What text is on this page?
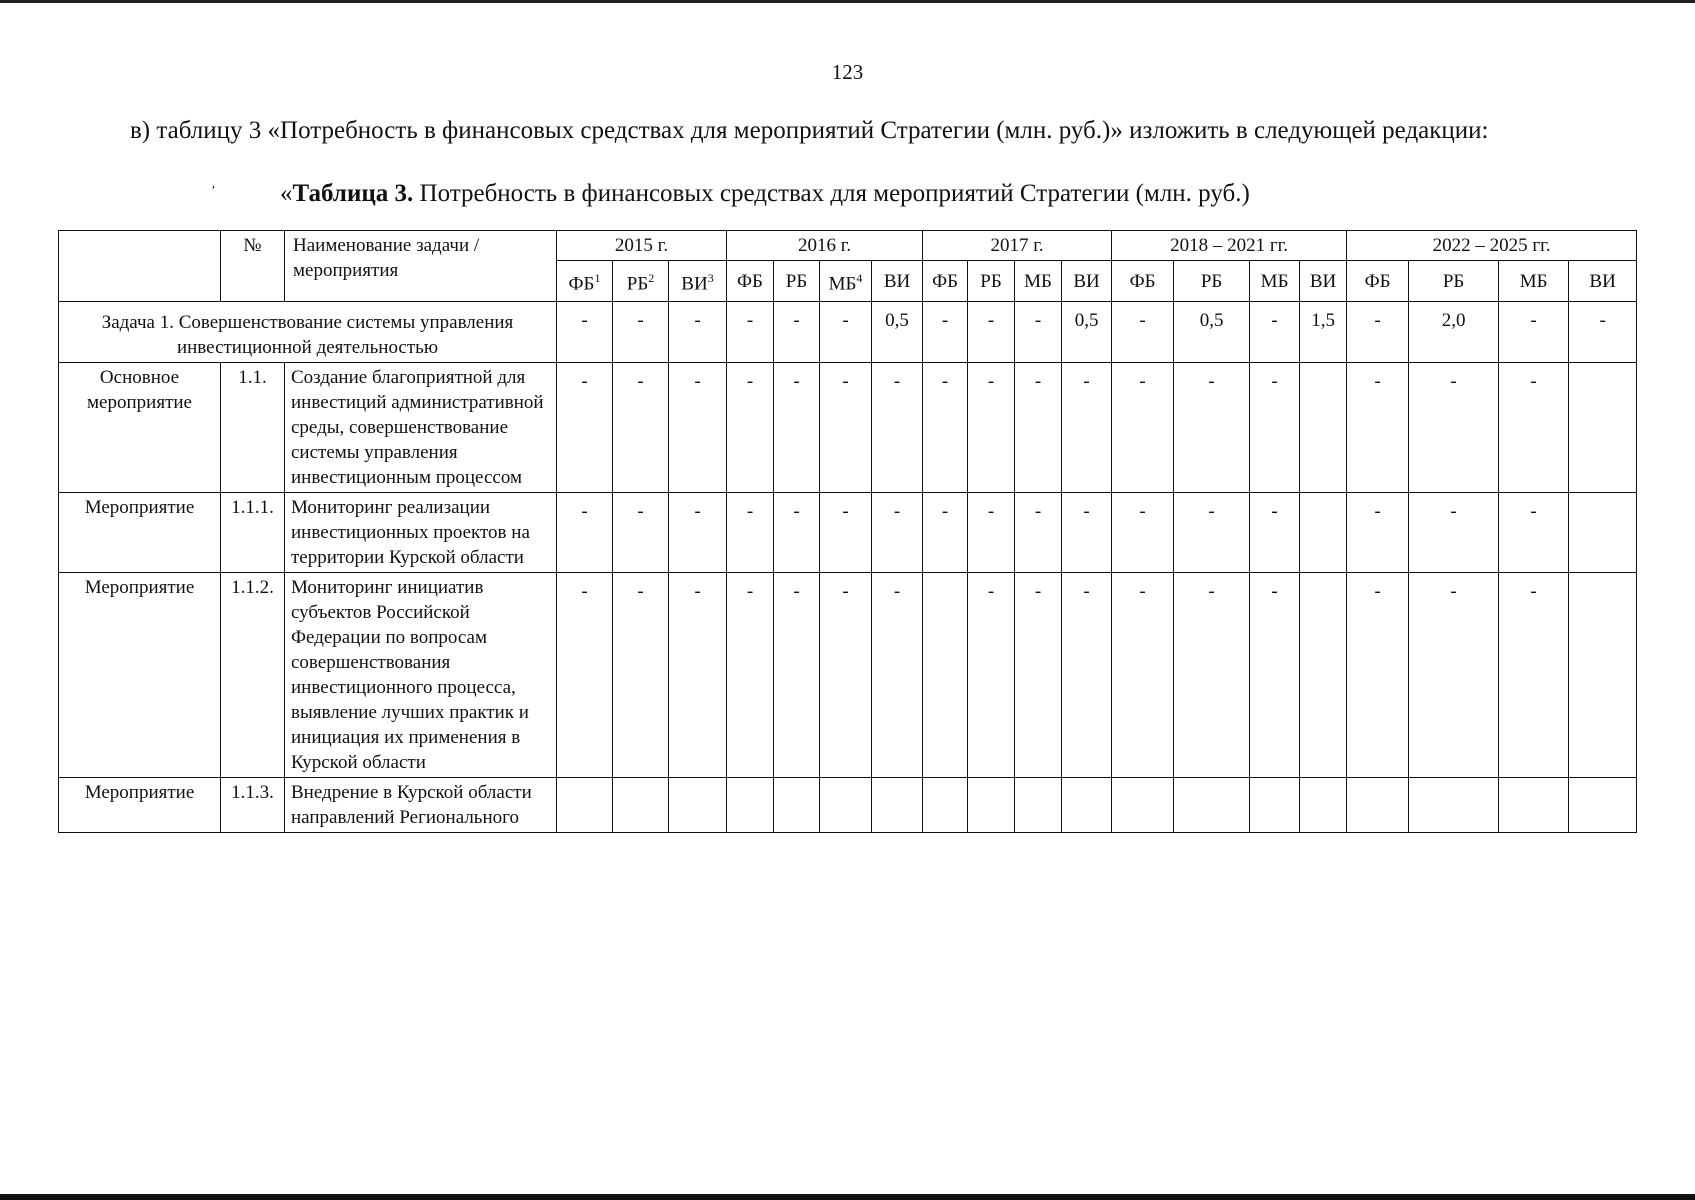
123

в) таблицу 3 «Потребность в финансовых средствах для мероприятий Стратегии (млн. руб.)» изложить в следующей редакции:

′	«Таблица 3. Потребность в финансовых средствах для мероприятий Стратегии (млн. руб.)
	№	Наименование задачи / мероприятия	2015 г.			2016 г.				2017 г.				2018 – 2021 гг.				2022 – 2025 гг.			
			$ФБ^1$	$РБ^2$	$ВИ^3$	ФБ	РБ	$МБ^4$	ВИ	ФБ	РБ	МБ	ВИ	ФБ	РБ	МБ	ВИ	ФБ	РБ	МБ	ВИ
Задача 1. Совершенствование системы управления инвестиционной деятельностью			-	-	-	-	-	-	0,5	-	-	-	0,5	-	0,5	-	1,5	-	2,0	-	-
Основное мероприятие	1.1.	Создание благоприятной для инвестиций административной среды, совершенствование системы управления инвестиционным процессом	-	-	-	-	-	-	-	-	-	-	-	-	-	-		-	-	-	
Мероприятие	1.1.1.	Мониторинг реализации инвестиционных проектов на территории Курской области	-	-	-	-	-	-	-	-	-	-	-	-	-	-		-	-	-	
Мероприятие	1.1.2.	Мониторинг инициатив субъектов Российской Федерации по вопросам совершенствования инвестиционного процесса, выявление лучших практик и инициация их применения в Курской области	-	-	-	-	-	-	-		-	-	-	-	-	-		-	-	-	
Мероприятие	1.1.3.	Внедрение в Курской области направлений Регионального																			
